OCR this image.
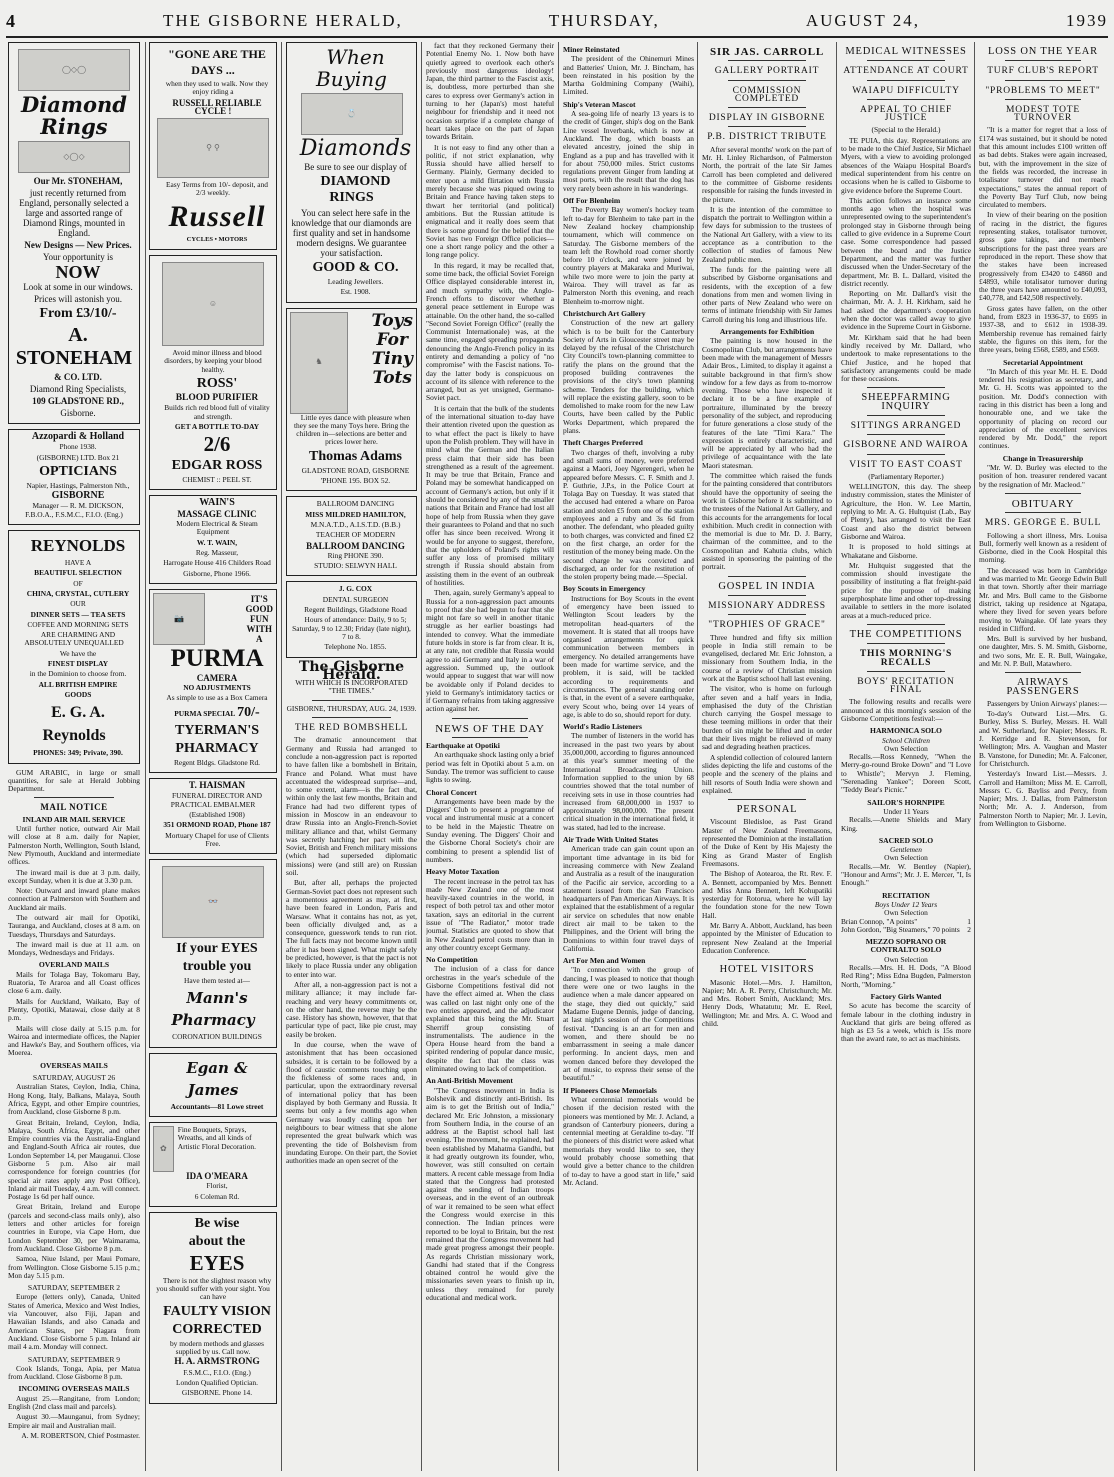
4	THE GISBORNE HERALD,	THURSDAY,	AUGUST 24,	1939
◯◇◯
Diamond Rings
◇◯◇

Our Mr. STONEHAM,

just recently returned from England, personally selected a large and assorted range of Diamond Rings, mounted in England.

New Designs — New Prices.

Your opportunity is

NOW

Look at some in our windows.

Prices will astonish you.

From £3/10/-

A. STONEHAM

& CO. LTD.

Diamond Ring Specialists,

109 GLADSTONE RD.,

Gisborne.

Azzopardi & Holland

Phone 1938.

(GISBORNE) LTD. Box 21

OPTICIANS

Napier, Hastings, Palmerston Nth.,

GISBORNE

Manager — R. M. DICKSON, F.B.O.A., F.S.M.C., F.I.O. (Eng.)

REYNOLDS

HAVE A

BEAUTIFUL SELECTION

OF

CHINA, CRYSTAL, CUTLERY

OUR

DINNER SETS — TEA SETS

COFFEE AND MORNING SETS

ARE CHARMING AND ABSOLUTELY UNEQUALLED

We have the

FINEST DISPLAY

in the Dominion to choose from.

ALL BRITISH EMPIRE

GOODS

E. G. A. Reynolds

PHONES: 349; Private, 390.

GUM ARABIC, in large or small quantities, for sale at Herald Jobbing Department.

MAIL NOTICE
INLAND AIR MAIL SERVICE

Until further notice, outward Air Mail will close at 8 a.m. daily for Napier, Palmerston North, Wellington, South Island, New Plymouth, Auckland and intermediate offices.

The inward mail is due at 3 p.m. daily, except Sunday, when it is due at 3.30 p.m.

Note: Outward and inward plane makes connection at Palmerston with Southern and Auckland air mails.

The outward air mail for Opotiki, Tauranga, and Auckland, closes at 8 a.m. on Tuesdays, Thursdays and Saturdays.

The inward mail is due at 11 a.m. on Mondays, Wednesdays and Fridays.

OVERLAND MAILS

Mails for Tolaga Bay, Tokomaru Bay, Ruatoria, Te Araroa and all Coast offices close 6 a.m. daily.

Mails for Auckland, Waikato, Bay of Plenty, Opotiki, Matawai, close daily at 8 p.m.

Mails will close daily at 5.15 p.m. for Wairoa and intermediate offices, the Napier and Hawke's Bay, and Southern offices, via Moerea.

OVERSEAS MAILS
SATURDAY, AUGUST 26

Australian States, Ceylon, India, China, Hong Kong, Italy, Balkans, Malaya, South Africa, Egypt, and other Empire countries, from Auckland, close Gisborne 8 p.m.

Great Britain, Ireland, Ceylon, India, Malaya, South Africa, Egypt, and other Empire countries via the Australia-England and England-South Africa air routes, due London September 14, per Mauganui. Close Gisborne 5 p.m. Also air mail correspondence for foreign countries (for special air rates apply any Post Office), Inland air mail Tuesday, 4 a.m. will connect. Postage 1s 6d per half ounce.

Great Britain, Ireland and Europe (parcels and second-class mails only), also letters and other articles for foreign countries in Europe, via Cape Horn, due London September 30, per Waimarama, from Auckland. Close Gisborne 8 p.m.

Samoa, Niue Island, per Maui Pomare, from Wellington. Close Gisborne 5.15 p.m.; Mon day 5.15 p.m.

SATURDAY, SEPTEMBER 2

Europe (letters only), Canada, United States of America, Mexico and West Indies, via Vancouver, also Fiji, Japan and Hawaiian Islands, and also Canada and American States, per Niagara from Auckland. Close Gisborne 5 p.m. Inland air mail 4 a.m. Monday will connect.

SATURDAY, SEPTEMBER 9

Cook Islands, Tonga, Apia, per Matua from Auckland. Close Gisborne 8 p.m.

INCOMING OVERSEAS MAILS

August 25.—Rangitane, from London; English (2nd class mail and parcels).

August 30.—Maunganui, from Sydney; Empire air mail and Australian mail.

A. M. ROBERTSON, Chief Postmaster.

"GONE ARE THE DAYS ...

when they used to walk. Now they enjoy riding a

RUSSELL RELIABLE CYCLE !

⚲ ⚲

Easy Terms from 10/- deposit, and 2/3 weekly.

Russell

CYCLES • MOTORS

☺

Avoid minor illness and blood disorders, by keeping your blood healthy.

ROSS'

BLOOD PURIFIER

Builds rich red blood full of vitality and strength.

GET A BOTTLE TO-DAY

2/6

EDGAR ROSS

CHEMIST :: PEEL ST.

WAIN'S

MASSAGE CLINIC

Modern Electrical & Steam Equipment

W. T. WAIN,

Reg. Masseur,

Harrogate House 416 Childers Road

Gisborne, Phone 1966.

📷
IT'S
GOOD
FUN
WITH
A

PURMA

CAMERA

NO ADJUSTMENTS

As simple to use as a Box Camera

PURMA SPECIAL 70/-

TYERMAN'S

PHARMACY

Regent Bldgs. Gladstone Rd.

T. HAISMAN

FUNERAL DIRECTOR AND PRACTICAL EMBALMER

(Established 1908)

351 ORMOND ROAD, Phone 187

Mortuary Chapel for use of Clients Free.

👓

If your EYES

trouble you

Have them tested at—

Mann's Pharmacy

CORONATION BUILDINGS

Egan & James

Accountants—81 Lowe street

✿
Fine Bouquets, Sprays, Wreaths, and all kinds of Artistic Floral Decoration.

IDA O'MEARA

Florist,

6 Coleman Rd.

Be wise

about the

EYES

There is not the slightest reason why you should suffer with your sight. You can have

FAULTY VISION

CORRECTED

by modern methods and glasses supplied by us. Call now.

H. A. ARMSTRONG

F.S.M.C., F.I.O. (Eng.)

London Qualified Optician.

GISBORNE. Phone 14.

When Buying

💍

Diamonds

Be sure to see our display of

DIAMOND RINGS

You can select here safe in the knowledge that our diamonds are first quality and set in handsome modern designs. We guarantee your satisfaction.

GOOD & CO.

Leading Jewellers.

Est. 1908.

♞
Toys
For
Tiny
Tots

Little eyes dance with pleasure when they see the many Toys here. Bring the children in—selections are better and prices lower here.

Thomas Adams

GLADSTONE ROAD, GISBORNE

'PHONE 195. BOX 52.

BALLROOM DANCING

MISS MILDRED HAMILTON,

M.N.A.T.D., A.I.S.T.D. (B.B.)

TEACHER OF MODERN

BALLROOM DANCING

Ring PHONE 390.

STUDIO: SELWYN HALL

J. G. COX

DENTAL SURGEON

Regent Buildings, Gladstone Road

Hours of attendance: Daily, 9 to 5; Saturday, 9 to 12.30; Friday (late night), 7 to 8.

Telephone No. 1855.

The Gisborne Herald.
WITH WHICH IS INCORPORATED
"THE TIMES."
GISBORNE, THURSDAY, AUG. 24, 1939.
THE RED BOMBSHELL

The dramatic announcement that Germany and Russia had arranged to conclude a non-aggression pact is reported to have fallen like a bombshell in Britain, France and Poland. What must have accentuated the widespread surprise—and, to some extent, alarm—is the fact that, within only the last few months, Britain and France had had two different types of mission in Moscow in an endeavour to draw Russia into an Anglo-French-Soviet military alliance and that, whilst Germany was secretly hatching her pact with the Soviet, British and French military missions (which had superseded diplomatic missions) were (and still are) on Russian soil.

But, after all, perhaps the projected German-Soviet pact does not represent such a momentous agreement as may, at first, have been feared in London, Paris and Warsaw. What it contains has not, as yet, been officially divulged and, as a consequence, guesswork tends to run riot. The full facts may not become known until after it has been signed. What might safely be predicted, however, is that the pact is not likely to place Russia under any obligation to enter into war.

After all, a non-aggression pact is not a military alliance; it may include far-reaching and very heavy commitments or, on the other hand, the reverse may be the case. History has shown, however, that that particular type of pact, like pie crust, may easily be broken.

In due course, when the wave of astonishment that has been occasioned subsides, it is certain to be followed by a flood of caustic comments touching upon the fickleness of some races and, in particular, upon the extraordinary reversal of international policy that has been displayed by both Germany and Russia. It seems but only a few months ago when Germany was loudly calling upon her neighbours to bear witness that she alone represented the great bulwark which was preventing the tide of Bolshevism from inundating Europe. On their part, the Soviet authorities made an open secret of the

fact that they reckoned Germany their Potential Enemy No. 1. Now both have quietly agreed to overlook each other's previously most dangerous ideology! Japan, the third partner to the Fascist axis, is, doubtless, more perturbed than she cares to express over Germany's action in turning to her (Japan's) most hateful neighbour for friendship and it need not occasion surprise if a complete change of heart takes place on the part of Japan towards Britain.

It is not easy to find any other than a politic, if not strict explanation, why Russia should have allied herself to Germany. Plainly, Germany decided to enter upon a mild flirtation with Russia merely because she was piqued owing to Britain and France having taken steps to thwart her territorial (and political) ambitions. But the Russian attitude is enigmatical and it really does seem that there is some ground for the belief that the Soviet has two Foreign Office policies—one a short range policy and the other a long range policy.

In this regard, it may be recalled that, some time back, the official Soviet Foreign Office displayed considerable interest in, and much sympathy with, the Anglo-French efforts to discover whether a general peace settlement in Europe was attainable. On the other hand, the so-called "Second Soviet Foreign Office" (really the Communist Internationale) was, at the same time, engaged spreading propaganda denouncing the Anglo-French policy in its entirety and demanding a policy of "no compromise" with the Fascist nations. To-day the latter body is conspicuous on account of its silence with reference to the arranged, but as yet unsigned, Germano-Soviet pact.

It is certain that the bulk of the students of the international situation to-day have their attention riveted upon the question as to what effect the pact is likely to have upon the Polish problem. They will have in mind what the German and the Italian press claim that their side has been strengthened as a result of the agreement. It may be true that Britain, France and Poland may be somewhat handicapped on account of Germany's action, but only if it should be considered by any of the smaller nations that Britain and France had lost all hope of help from Russia when they gave their guarantees to Poland and that no such offer has since been received. Wrong it would be for anyone to suggest, therefore, that the upholders of Poland's rights will suffer any loss of promised military strength if Russia should abstain from assisting them in the event of an outbreak of hostilities.

Then, again, surely Germany's appeal to Russia for a non-aggression pact amounts to proof that she had begun to fear that she might not fare so well in another titanic struggle as her earlier boastings had intended to convey. What the immediate future holds in store is far from clear. It is, at any rate, not credible that Russia would agree to aid Germany and Italy in a war of aggression. Summed up, the outlook would appear to suggest that war will now be avoidable only if Poland decides to yield to Germany's intimidatory tactics or if Germany refrains from taking aggressive action against her.

NEWS OF THE DAY
Earthquake at Opotiki

An earthquake shock lasting only a brief period was felt in Opotiki about 5 a.m. on Sunday. The tremor was sufficient to cause lights to swing.

Choral Concert

Arrangements have been made by the Diggers' Club to present a programme of vocal and instrumental music at a concert to be held in the Majestic Theatre on Sunday evening. The Diggers' Choir and the Gisborne Choral Society's choir are combining to present a splendid list of numbers.

Heavy Motor Taxation

The recent increase in the petrol tax has made New Zealand one of the most heavily-taxed countries in the world, in respect of both petrol tax and other motor taxation, says an editorial in the current issue of "The Radiator," motor trade journal. Statistics are quoted to show that in New Zealand petrol costs more than in any other country except Germany.

No Competition

The inclusion of a class for dance orchestras in the year's schedule of the Gisborne Competitions festival did not have the effect aimed at. When the class was called on last night only one of the two entries appeared, and the adjudicator explained that this being the Mr. Stuart Sherriff group consisting of instrumentalists. The audience in the Opera House heard from the band a spirited rendering of popular dance music, despite the fact that the class was eliminated owing to lack of competition.

An Anti-British Movement

"The Congress movement in India is Bolshevik and distinctly anti-British. Its aim is to get the British out of India," declared Mr. Eric Johnston, a missionary from Southern India, in the course of an address at the Baptist school hall last evening. The movement, he explained, had been established by Mahatma Gandhi, but it had greatly outgrown its founder, who, however, was still consulted on certain matters. A recent cable message from India stated that the Congress had protested against the sending of Indian troops overseas, and in the event of an outbreak of war it remained to be seen what effect the Congress would exercise in this connection. The Indian princes were reported to be loyal to Britain, but the rest remained that the Congress movement had made great progress amongst their people. As regards Christian missionary work, Gandhi had stated that if the Congress obtained control he would give the missionaries seven years to finish up in, unless they remained for purely educational and medical work.

Miner Reinstated

The president of the Ohinemuri Mines and Batteries' Union, Mr. J. Bincham, has been reinstated in his position by the Martha Goldmining Company (Waihi), Limited.

Ship's Veteran Mascot

A sea-going life of nearly 13 years is to the credit of Ginger, ship's dog on the Bank Line vessel Inverbank, which is now at Auckland. The dog, which boasts an elevated ancestry, joined the ship in England as a pup and has travelled with it for about 750,000 miles. Strict customs regulations prevent Ginger from landing at most ports, with the result that the dog has very rarely been ashore in his wanderings.

Off For Blenheim

The Poverty Bay women's hockey team left to-day for Blenheim to take part in the New Zealand hockey championship tournament, which will commence on Saturday. The Gisborne members of the team left the Rowhold road corner shortly before 10 o'clock, and were joined by country players at Makaraka and Muriwai, while two more were to join the party at Wairoa. They will travel as far as Palmerston North this evening, and reach Blenheim to-morrow night.

Christchurch Art Gallery

Construction of the new art gallery which is to be built for the Canterbury Society of Arts in Gloucester street may be delayed by the refusal of the Christchurch City Council's town-planning committee to ratify the plans on the ground that the proposed building contravenes the provisions of the city's town planning scheme. Tenders for the building, which will replace the existing gallery, soon to be demolished to make room for the new Law Courts, have been called by the Public Works Department, which prepared the plans.

Theft Charges Preferred

Two charges of theft, involving a ruby and small sums of money, were preferred against a Maori, Joey Ngerengeri, when he appeared before Messrs. C. F. Smith and J. P. Guthrie, J.P.s, in the Police Court at Tolaga Bay on Tuesday. It was stated that the accused had entered a whare on Paroa station and stolen £5 from one of the station employees and a ruby and 3s 6d from another. The defendant, who pleaded guilty to both charges, was convicted and fined £2 on the first charge, an order for the restitution of the money being made. On the second charge he was convicted and discharged, an order for the restitution of the stolen property being made.—Special.

Boy Scouts in Emergency

Instructions for Boy Scouts in the event of emergency have been issued to Wellington Scout leaders by the metropolitan head-quarters of the movement. It is stated that all troops have organised arrangements for quick communication between members in emergency. No detailed arrangements have been made for wartime service, and the problem, it is said, will be tackled according to requirements and circumstances. The general standing order is that, in the event of a severe earthquake, every Scout who, being over 14 years of age, is able to do so, should report for duty.

World's Radio Listeners

The number of listeners in the world has increased in the past two years by about 35,000,000, according to figures announced at this year's summer meeting of the International Broadcasting Union. Information supplied to the union by 68 countries showed that the total number of receiving sets in use in those countries had increased from 68,000,000 in 1937 to approximately 98,000,000. The present critical situation in the international field, it was stated, had led to the increase.

Air Trade With United States

American trade can gain count upon an important time advantage in its bid for increasing commerce with New Zealand and Australia as a result of the inauguration of the Pacific air service, according to a statement issued from the San Francisco headquarters of Pan American Airways. It is explained that the establishment of a regular air service on schedules that now enable direct air mail to be taken to the Philippines, and the Orient will bring the Dominions to within four travel days of California.

Art For Men and Women

"In connection with the group of dancing, I was pleased to notice that though there were one or two laughs in the audience when a male dancer appeared on the stage, they died out quickly," said Madame Eugene Dennis, judge of dancing, at last night's session of the Competitions festival. "Dancing is an art for men and women, and there should be no embarrassment in seeing a male dancer performing. In ancient days, men and women danced before they developed the art of music, to express their sense of the beautiful."

If Pioneers Chose Memorials

What centennial memorials would be chosen if the decision rested with the pioneers was mentioned by Mr. J. Acland, a grandson of Canterbury pioneers, during a centennial meeting at Geraldine to-day. "If the pioneers of this district were asked what memorials they would like to see, they would probably choose something that would give a better chance to the children of to-day to have a good start in life," said Mr. Acland.

SIR JAS. CARROLL
GALLERY PORTRAIT
COMMISSION COMPLETED
DISPLAY IN GISBORNE
P.B. DISTRICT TRIBUTE

After several months' work on the part of Mr. H. Linley Richardson, of Palmerston North, the portrait of the late Sir James Carroll has been completed and delivered to the committee of Gisborne residents responsible for raising the funds invested in the picture.

It is the intention of the committee to dispatch the portrait to Wellington within a few days for submission to the trustees of the National Art Gallery, with a view to its acceptance as a contribution to the collection of studies of famous New Zealand public men.

The funds for the painting were all subscribed by Gisborne organisations and residents, with the exception of a few donations from men and women living in other parts of New Zealand who were on terms of intimate friendship with Sir James Carroll during his long and illustrious life.

Arrangements for Exhibition

The painting is now housed in the Cosmopolitan Club, but arrangements have been made with the management of Messrs Adair Bros., Limited, to display it against a suitable background in that firm's show window for a few days as from to-morrow evening. Those who have inspected it declare it to be a fine example of portraiture, illuminated by the breezy personality of the subject, and reproducing for future generations a close study of the features of the late "Timi Kara." The expression is entirely characteristic, and will be appreciated by all who had the privilege of acquaintance with the late Maori statesman.

The committee which raised the funds for the painting considered that contributors should have the opportunity of seeing the work in Gisborne before it is submitted to the trustees of the National Art Gallery, and this accounts for the arrangements for local exhibition. Much credit in connection with the memorial is due to Mr. D. J. Barry, chairman of the committee, and to the Cosmopolitan and Kahutia clubs, which assisted in sponsoring the painting of the portrait.

GOSPEL IN INDIA
MISSIONARY ADDRESS
"TROPHIES OF GRACE"

Three hundred and fifty six million people in India still remain to be evangelised, declared Mr. Eric Johnston, a missionary from Southern India, in the course of a review of Christian mission work at the Baptist school hall last evening.

The visitor, who is home on furlough after seven and a half years in India, emphasised the duty of the Christian church carrying the Gospel message to these teeming millions in order that their burden of sin might be lifted and in order that their lives might be relieved of many sad and degrading heathen practices.

A splendid collection of coloured lantern slides depicting the life and customs of the people and the scenery of the plains and hill resorts of South India were shown and explained.

PERSONAL

Viscount Bledisloe, as Past Grand Master of New Zealand Freemasons, represented the Dominion at the installation of the Duke of Kent by His Majesty the King as Grand Master of English Freemasons.

The Bishop of Aotearoa, the Rt. Rev. F. A. Bennett, accompanied by Mrs. Bennett and Miss Anna Bennett, left Kohupatiki yesterday for Rotorua, where he will lay the foundation stone for the new Town Hall.

Mr. Barry A. Abbott, Auckland, has been appointed by the Minister of Education to represent New Zealand at the Imperial Education Conference.

HOTEL VISITORS

Masonic Hotel.—Mrs. J. Hamilton, Napier; Mr. A. R. Perry, Christchurch; Mr. and Mrs. Robert Smith, Auckland; Mrs. Henry Dods, Whatatutu; Mr. E. Reel, Wellington; Mr. and Mrs. A. C. Wood and child.

MEDICAL WITNESSES
ATTENDANCE AT COURT
WAIAPU DIFFICULTY
APPEAL TO CHIEF JUSTICE

(Special to the Herald.)

TE PUIA, this day. Representations are to be made to the Chief Justice, Sir Michael Myers, with a view to avoiding prolonged absences of the Waiapu Hospital Board's medical superintendent from his centre on occasions when he is called to Gisborne to give evidence before the Supreme Court.

This action follows an instance some months ago when the hospital was unrepresented owing to the superintendent's prolonged stay in Gisborne through being called to give evidence in a Supreme Court case. Some correspondence had passed between the board and the Justice Department, and the matter was further discussed when the Under-Secretary of the department, Mr. B. L. Dallard, visited the district recently.

Reporting on Mr. Dallard's visit the chairman, Mr. A. J. H. Kirkham, said he had asked the department's cooperation when the doctor was called away to give evidence in the Supreme Court in Gisborne.

Mr. Kirkham said that he had been kindly received by Mr. Dallard, who undertook to make representations to the Chief Justice, and he hoped that satisfactory arrangements could be made for these occasions.

SHEEPFARMING INQUIRY
SITTINGS ARRANGED
GISBORNE AND WAIROA
VISIT TO EAST COAST

(Parliamentary Reporter.)

WELLINGTON, this day. The sheep industry commission, states the Minister of Agriculture, the Hon. W. Lee Martin, replying to Mr. A. G. Hultquist (Lab., Bay of Plenty), has arranged to visit the East Coast and also the district between Gisborne and Wairoa.

It is proposed to hold sittings at Whakatane and Gisborne.

Mr. Hultquist suggested that the commission should investigate the possibility of instituting a flat freight-paid price for the purpose of making superphosphate lime and other top-dressing available to settlers in the more isolated areas at a much-reduced price.

THE COMPETITIONS
THIS MORNING'S RECALLS
BOYS' RECITATION FINAL

The following results and recalls were announced at this morning's session of the Gisborne Competitions festival:—

HARMONICA SOLO
School Children
Own Selection

Recalls.—Ross Kennedy, "When the Merry-go-round Broke Down" and "I Love to Whistle"; Mervyn J. Fleming, "Serenading Yankee"; Doreen Scott, "Teddy Bear's Picnic."

SAILOR'S HORNPIPE
Under 11 Years

Recalls.—Anette Shields and Mary King.

SACRED SOLO
Gentlemen
Own Selection

Recalls.—Mr. W. Bentley (Napier), "Honour and Arms"; Mr. J. E. Mercer, "I, Is Enough."

RECITATION
Boys Under 12 Years
Own Selection
Brian Connop, "A points"	1
John Gordon, "Big Steamers," 70 points 2
MEZZO SOPRANO OR CONTRALTO SOLO
Own Selection

Recalls.—Mrs. H. H. Dods, "A Blood Red Ring"; Miss Edna Bugden, Palmerston North, "Morning."

Factory Girls Wanted

So acute has become the scarcity of female labour in the clothing industry in Auckland that girls are being offered as high as £3 5s a week, which is 15s more than the award rate, to act as machinists.

LOSS ON THE YEAR
TURF CLUB'S REPORT
"PROBLEMS TO MEET"
MODEST TOTE TURNOVER

"It is a matter for regret that a loss of £174 was sustained, but it should be noted that this amount includes £100 written off as bad debts. Stakes were again increased, but, with the improvement in the size of the fields was recorded, the increase in totalisator turnover did not reach expectations," states the annual report of the Poverty Bay Turf Club, now being circulated to members.

In view of their bearing on the position of racing in the district, the figures representing stakes, totalisator turnover, gross gate takings, and members' subscriptions for the past three years are reproduced in the report. These show that the stakes have been increased progressively from £3420 to £4860 and £4893, while totalisator turnover during the three years have amounted to £40,093, £40,778, and £42,508 respectively.

Gross gates have fallen, on the other hand, from £823 in 1936-37, to £695 in 1937-38, and to £612 in 1938-39. Membership revenue has remained fairly stable, the figures on this item, for the three years, being £568, £589, and £569.

Secretarial Appointment

"In March of this year Mr. H. E. Dodd tendered his resignation as secretary, and Mr. G. H. Scotts was appointed to the position. Mr. Dodd's connection with racing in this district has been a long and honourable one, and we take the opportunity of placing on record our appreciation of the excellent services rendered by Mr. Dodd," the report continues.

Change in Treasurership

"Mr. W. D. Burley was elected to the position of hon. treasurer rendered vacant by the resignation of Mr. Macleod."

OBITUARY
MRS. GEORGE E. BULL

Following a short illness, Mrs. Louisa Bull, formerly well known as a resident of Gisborne, died in the Cook Hospital this morning.

The deceased was born in Cambridge and was married to Mr. George Edwin Bull in that town. Shortly after their marriage Mr. and Mrs. Bull came to the Gisborne district, taking up residence at Ngatapa, where they lived for seven years before moving to Waingake. Of late years they resided in Clifford.

Mrs. Bull is survived by her husband, one daughter, Mrs. S. M. Smith, Gisborne, and two sons, Mr. E. R. Bull, Waingake, and Mr. N. P. Bull, Matawhero.

AIRWAYS PASSENGERS

Passengers by Union Airways' planes:—

To-day's Outward List.—Mrs. G. Burley, Miss S. Burley, Messrs. H. Wall and W. Sutherland, for Napier; Messrs. R. J. Kerridge and R. Stevenson, for Wellington; Mrs. A. Vaughan and Master B. Vanstone, for Dunedin; Mr. A. Falconer, for Christchurch.

Yesterday's Inward List.—Messrs. J. Carroll and Hamilton; Miss M. E. Carroll, Messrs C. G. Bayliss and Percy, from Napier; Mrs. J. Dallas, from Palmerston North; Mr. A. J. Anderson, from Palmerston North to Napier; Mr. J. Levin, from Wellington to Gisborne.
